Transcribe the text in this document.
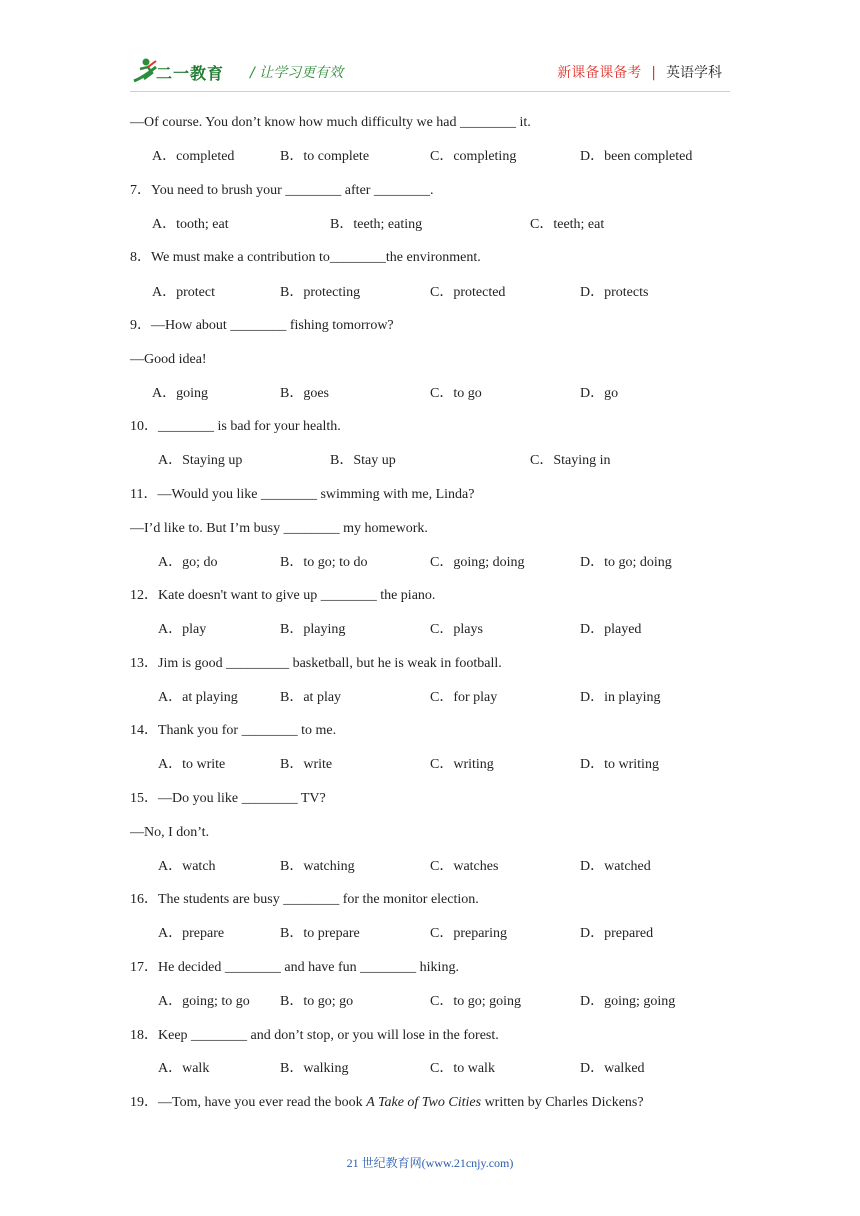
二一教育 / 让学习更有效	新课备课备考 | 英语学科
—Of course. You don’t know how much difficulty we had ________ it.
A．completed	B．to complete	C．completing	D．been completed
7．You need to brush your ________ after ________.
A．tooth; eat	B．teeth; eating	C．teeth; eat
8．We must make a contribution to________the environment.
A．protect	B．protecting	C．protected	D．protects
9．—How about ________ fishing tomorrow?
—Good idea!
A．going	B．goes	C．to go	D．go
10．________ is bad for your health.
A．Staying up	B．Stay up	C．Staying in
11．—Would you like ________ swimming with me, Linda?
—I’d like to. But I’m busy ________ my homework.
A．go; do	B．to go; to do	C．going; doing	D．to go; doing
12．Kate doesn't want to give up ________ the piano.
A．play	B．playing	C．plays	D．played
13．Jim is good _________ basketball, but he is weak in football.
A．at playing	B．at play	C．for play	D．in playing
14．Thank you for ________ to me.
A．to write	B．write	C．writing	D．to writing
15．—Do you like ________ TV?
—No, I don’t.
A．watch	B．watching	C．watches	D．watched
16．The students are busy ________ for the monitor election.
A．prepare	B．to prepare	C．preparing	D．prepared
17．He decided ________ and have fun ________ hiking.
A．going; to go B．to go; go	C．to go; going	D．going; going
18．Keep ________ and don’t stop, or you will lose in the forest.
A．walk	B．walking	C．to walk	D．walked
19．—Tom, have you ever read the book A Take of Two Cities written by Charles Dickens?
21 世纪教育网(www.21cnjy.com)
